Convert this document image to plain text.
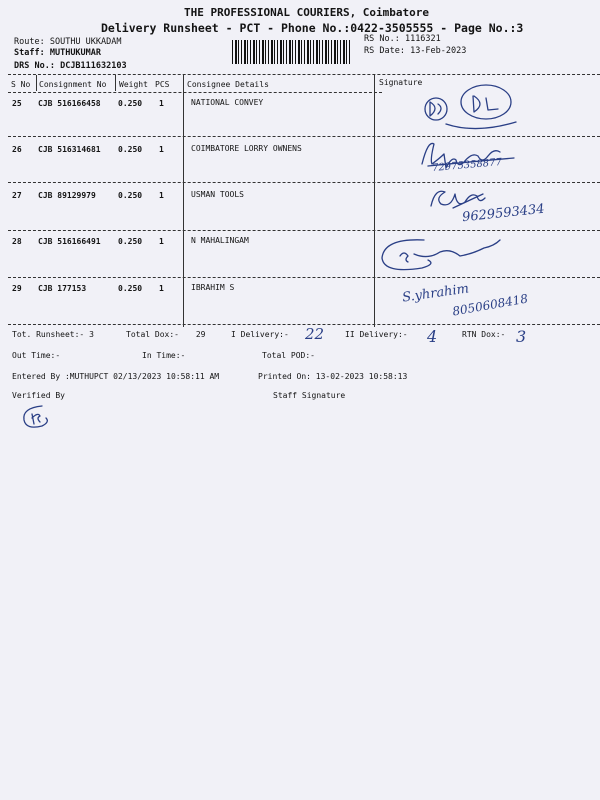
THE PROFESSIONAL COURIERS, Coimbatore
Delivery Runsheet - PCT - Phone No.:0422-3505555 - Page No.:3
Route: SOUTHU UKKADAM
Staff: MUTHUKUMAR
DRS No.: DCJB111632103
RS No.: 1116321
RS Date: 13-Feb-2023
S No Consignment No Weight PCS Consignee Details	Signature
25 CJB 516166458 0.250 1	NATIONAL CONVEY
26 CJB 516314681 0.250 1	COIMBATORE LORRY OWNENS
72975358877
27 CJB 89129979	0.250 1	USMAN TOOLS
9629593434
28 CJB 516166491 0.250 1	N MAHALINGAM
29 CJB 177153	0.250 1	IBRAHIM S	S.yhrahim
8050608418
Tot. Runsheet:- 3	Total Dox:- 29	I Delivery:- 22	II Delivery:- 4	RTN Dox:- 3
Out Time:-	In Time:-	Total POD:-
Entered By :MUTHUPCT 02/13/2023 10:58:11 AM	Printed On: 13-02-2023 10:58:13
Verified By	Staff Signature
